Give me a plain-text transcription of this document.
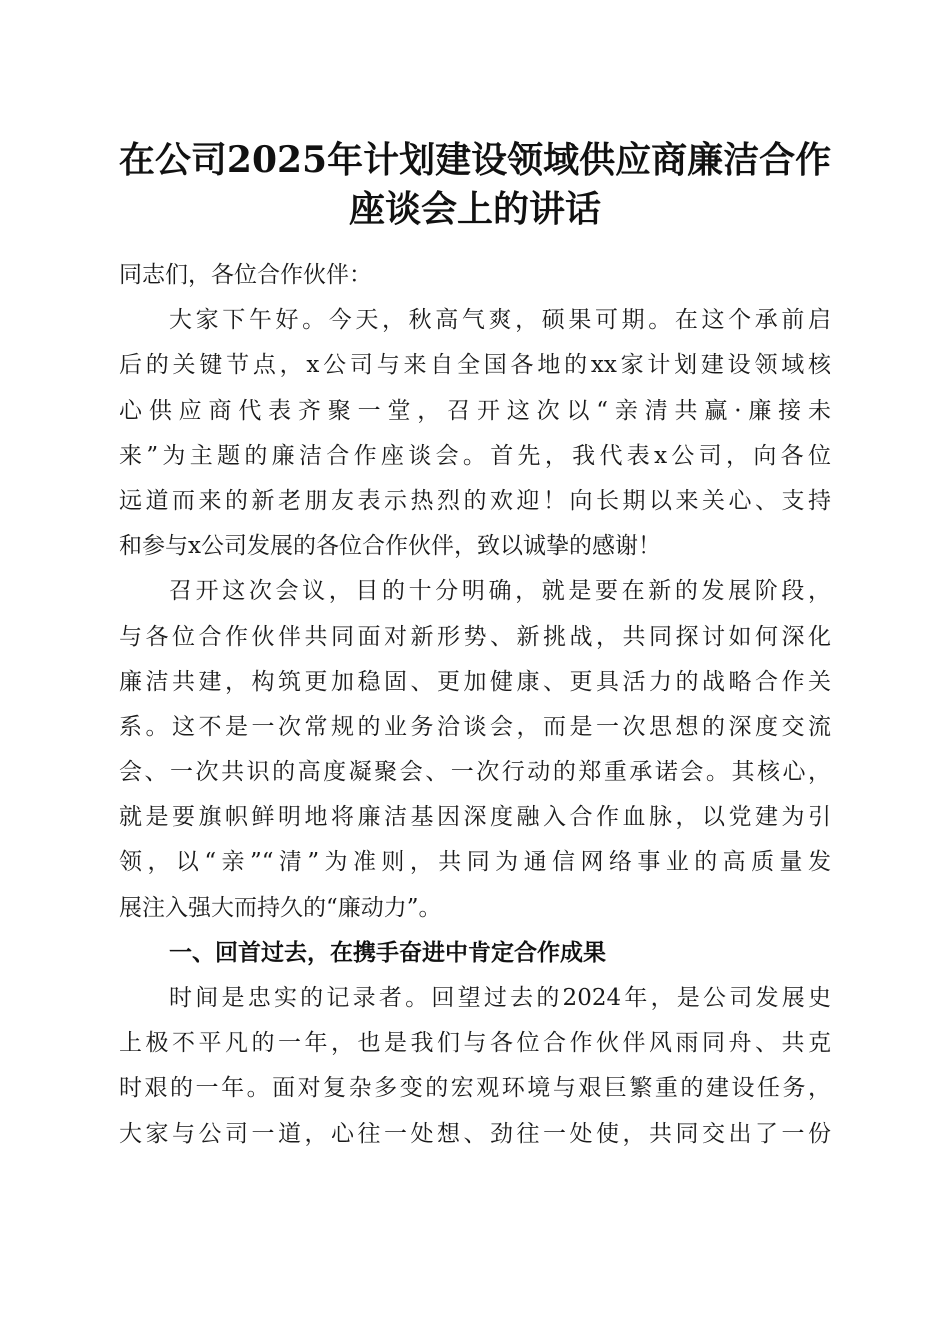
在公司2025年计划建设领域供应商廉洁合作
座谈会上的讲话
同志们，各位合作伙伴：
大家下午好。今天，秋高气爽，硕果可期。在这个承前启
后的关键节点，x公司与来自全国各地的xx家计划建设领域核
心供应商代表齐聚一堂，召开这次以“亲清共赢·廉接未
来”为主题的廉洁合作座谈会。首先，我代表x公司，向各位
远道而来的新老朋友表示热烈的欢迎！向长期以来关心、支持
和参与x公司发展的各位合作伙伴，致以诚挚的感谢！
召开这次会议，目的十分明确，就是要在新的发展阶段，
与各位合作伙伴共同面对新形势、新挑战，共同探讨如何深化
廉洁共建，构筑更加稳固、更加健康、更具活力的战略合作关
系。这不是一次常规的业务洽谈会，而是一次思想的深度交流
会、一次共识的高度凝聚会、一次行动的郑重承诺会。其核心，
就是要旗帜鲜明地将廉洁基因深度融入合作血脉，以党建为引
领，以“亲”“清”为准则，共同为通信网络事业的高质量发
展注入强大而持久的“廉动力”。
一、回首过去，在携手奋进中肯定合作成果
时间是忠实的记录者。回望过去的2024年，是公司发展史
上极不平凡的一年，也是我们与各位合作伙伴风雨同舟、共克
时艰的一年。面对复杂多变的宏观环境与艰巨繁重的建设任务，
大家与公司一道，心往一处想、劲往一处使，共同交出了一份
